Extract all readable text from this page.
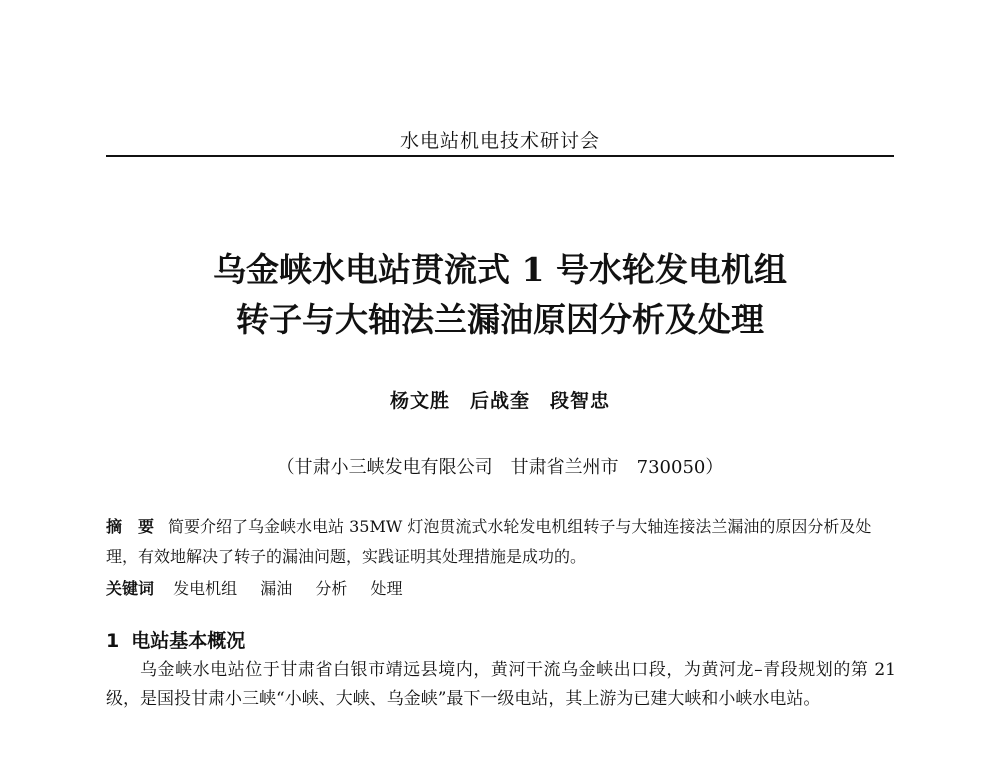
水电站机电技术研讨会
乌金峡水电站贯流式 1 号水轮发电机组
转子与大轴法兰漏油原因分析及处理
杨文胜　后战奎　段智忠
（甘肃小三峡发电有限公司　甘肃省兰州市　730050）
摘　要 简要介绍了乌金峡水电站 35MW 灯泡贯流式水轮发电机组转子与大轴连接法兰漏油的原因分析及处理，有效地解决了转子的漏油问题，实践证明其处理措施是成功的。
关键词 发电机组 漏油 分析 处理
1 电站基本概况
乌金峡水电站位于甘肃省白银市靖远县境内，黄河干流乌金峡出口段，为黄河龙–青段规划的第 21 级，是国投甘肃小三峡“小峡、大峡、乌金峡”最下一级电站，其上游为已建大峡和小峡水电站。
